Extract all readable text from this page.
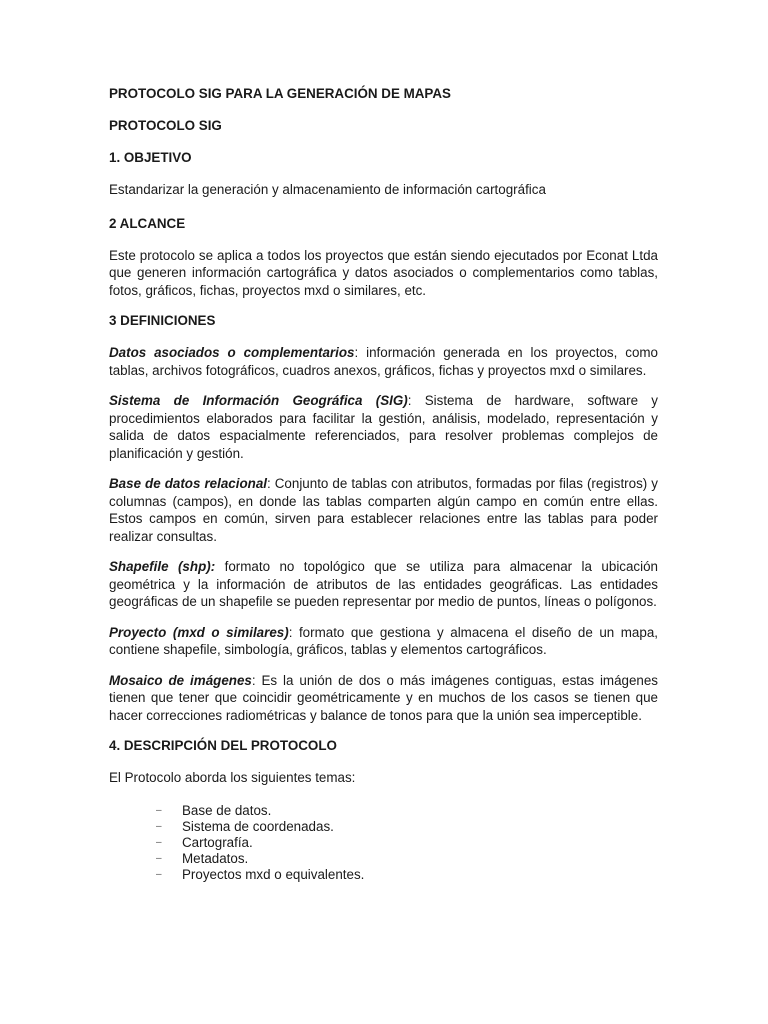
PROTOCOLO SIG PARA LA GENERACIÓN DE MAPAS

PROTOCOLO SIG

1. OBJETIVO

Estandarizar la generación y almacenamiento de información cartográfica

2 ALCANCE

Este protocolo se aplica a todos los proyectos que están siendo ejecutados por Econat Ltda que generen información cartográfica y datos asociados o complementarios como tablas, fotos, gráficos, fichas, proyectos mxd o similares, etc.

3 DEFINICIONES

Datos asociados o complementarios: información generada en los proyectos, como tablas, archivos fotográficos, cuadros anexos, gráficos, fichas y proyectos mxd o similares.

Sistema de Información Geográfica (SIG): Sistema de hardware, software y procedimientos elaborados para facilitar la gestión, análisis, modelado, representación y salida de datos espacialmente referenciados, para resolver problemas complejos de planificación y gestión.

Base de datos relacional: Conjunto de tablas con atributos, formadas por filas (registros) y columnas (campos), en donde las tablas comparten algún campo en común entre ellas. Estos campos en común, sirven para establecer relaciones entre las tablas para poder realizar consultas.

Shapefile (shp): formato no topológico que se utiliza para almacenar la ubicación geométrica y la información de atributos de las entidades geográficas. Las entidades geográficas de un shapefile se pueden representar por medio de puntos, líneas o polígonos.

Proyecto (mxd o similares): formato que gestiona y almacena el diseño de un mapa, contiene shapefile, simbología, gráficos, tablas y elementos cartográficos.

Mosaico de imágenes: Es la unión de dos o más imágenes contiguas, estas imágenes tienen que tener que coincidir geométricamente y en muchos de los casos se tienen que hacer correcciones radiométricas y balance de tonos para que la unión sea imperceptible.

4. DESCRIPCIÓN DEL PROTOCOLO

El Protocolo aborda los siguientes temas:

– Base de datos.
– Sistema de coordenadas.
– Cartografía.
– Metadatos.
– Proyectos mxd o equivalentes.
